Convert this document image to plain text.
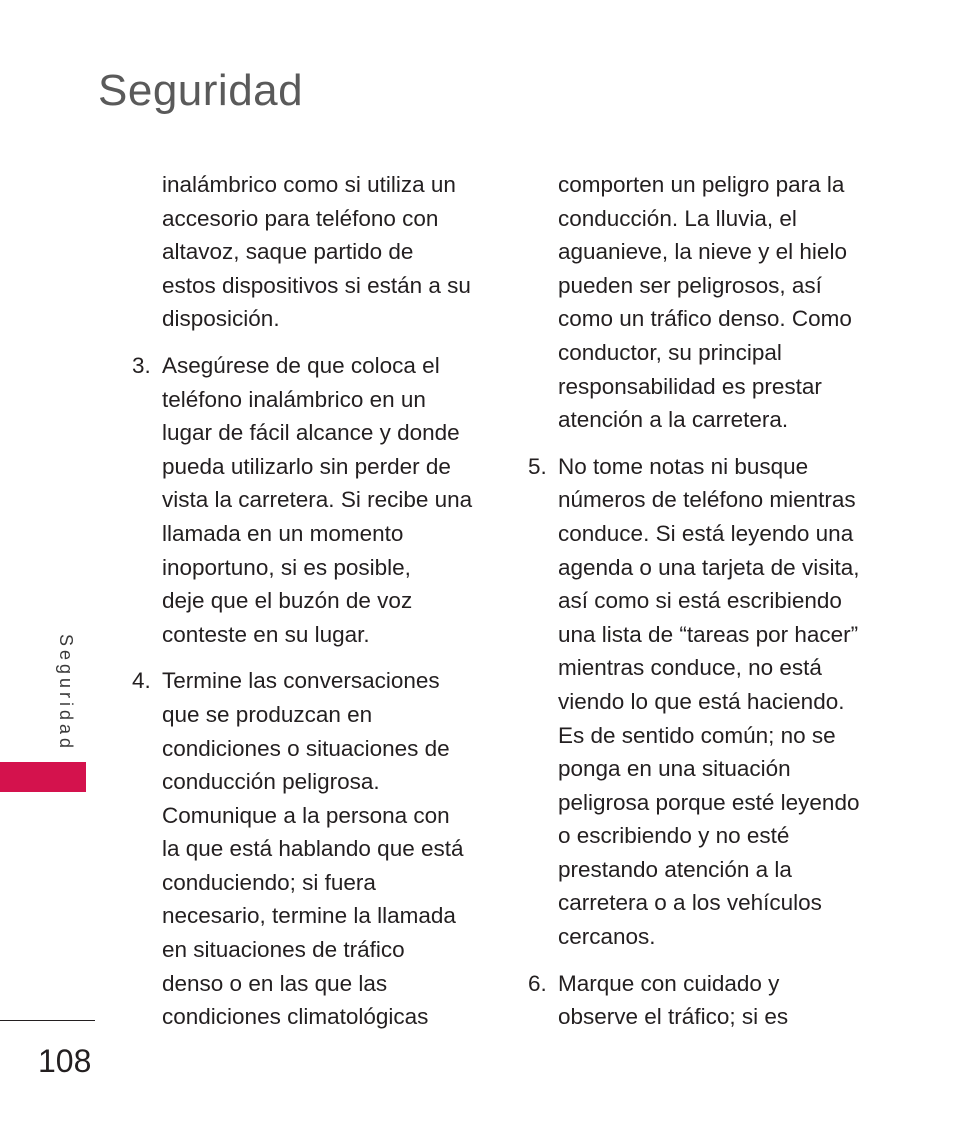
Seguridad

inalámbrico como si utiliza un
accesorio para teléfono con
altavoz, saque partido de
estos dispositivos si están a su
disposición.

3. Asegúrese de que coloca el
teléfono inalámbrico en un
lugar de fácil alcance y donde
pueda utilizarlo sin perder de
vista la carretera. Si recibe una
llamada en un momento
inoportuno, si es posible,
deje que el buzón de voz
conteste en su lugar.
4. Termine las conversaciones
que se produzcan en
condiciones o situaciones de
conducción peligrosa.
Comunique a la persona con
la que está hablando que está
conduciendo; si fuera
necesario, termine la llamada
en situaciones de tráfico
denso o en las que las
condiciones climatológicas

comporten un peligro para la
conducción. La lluvia, el
aguanieve, la nieve y el hielo
pueden ser peligrosos, así
como un tráfico denso. Como
conductor, su principal
responsabilidad es prestar
atención a la carretera.

5. No tome notas ni busque
números de teléfono mientras
conduce. Si está leyendo una
agenda o una tarjeta de visita,
así como si está escribiendo
una lista de “tareas por hacer”
mientras conduce, no está
viendo lo que está haciendo.
Es de sentido común; no se
ponga en una situación
peligrosa porque esté leyendo
o escribiendo y no esté
prestando atención a la
carretera o a los vehículos
cercanos.
6. Marque con cuidado y
observe el tráfico; si es
Seguridad
108
